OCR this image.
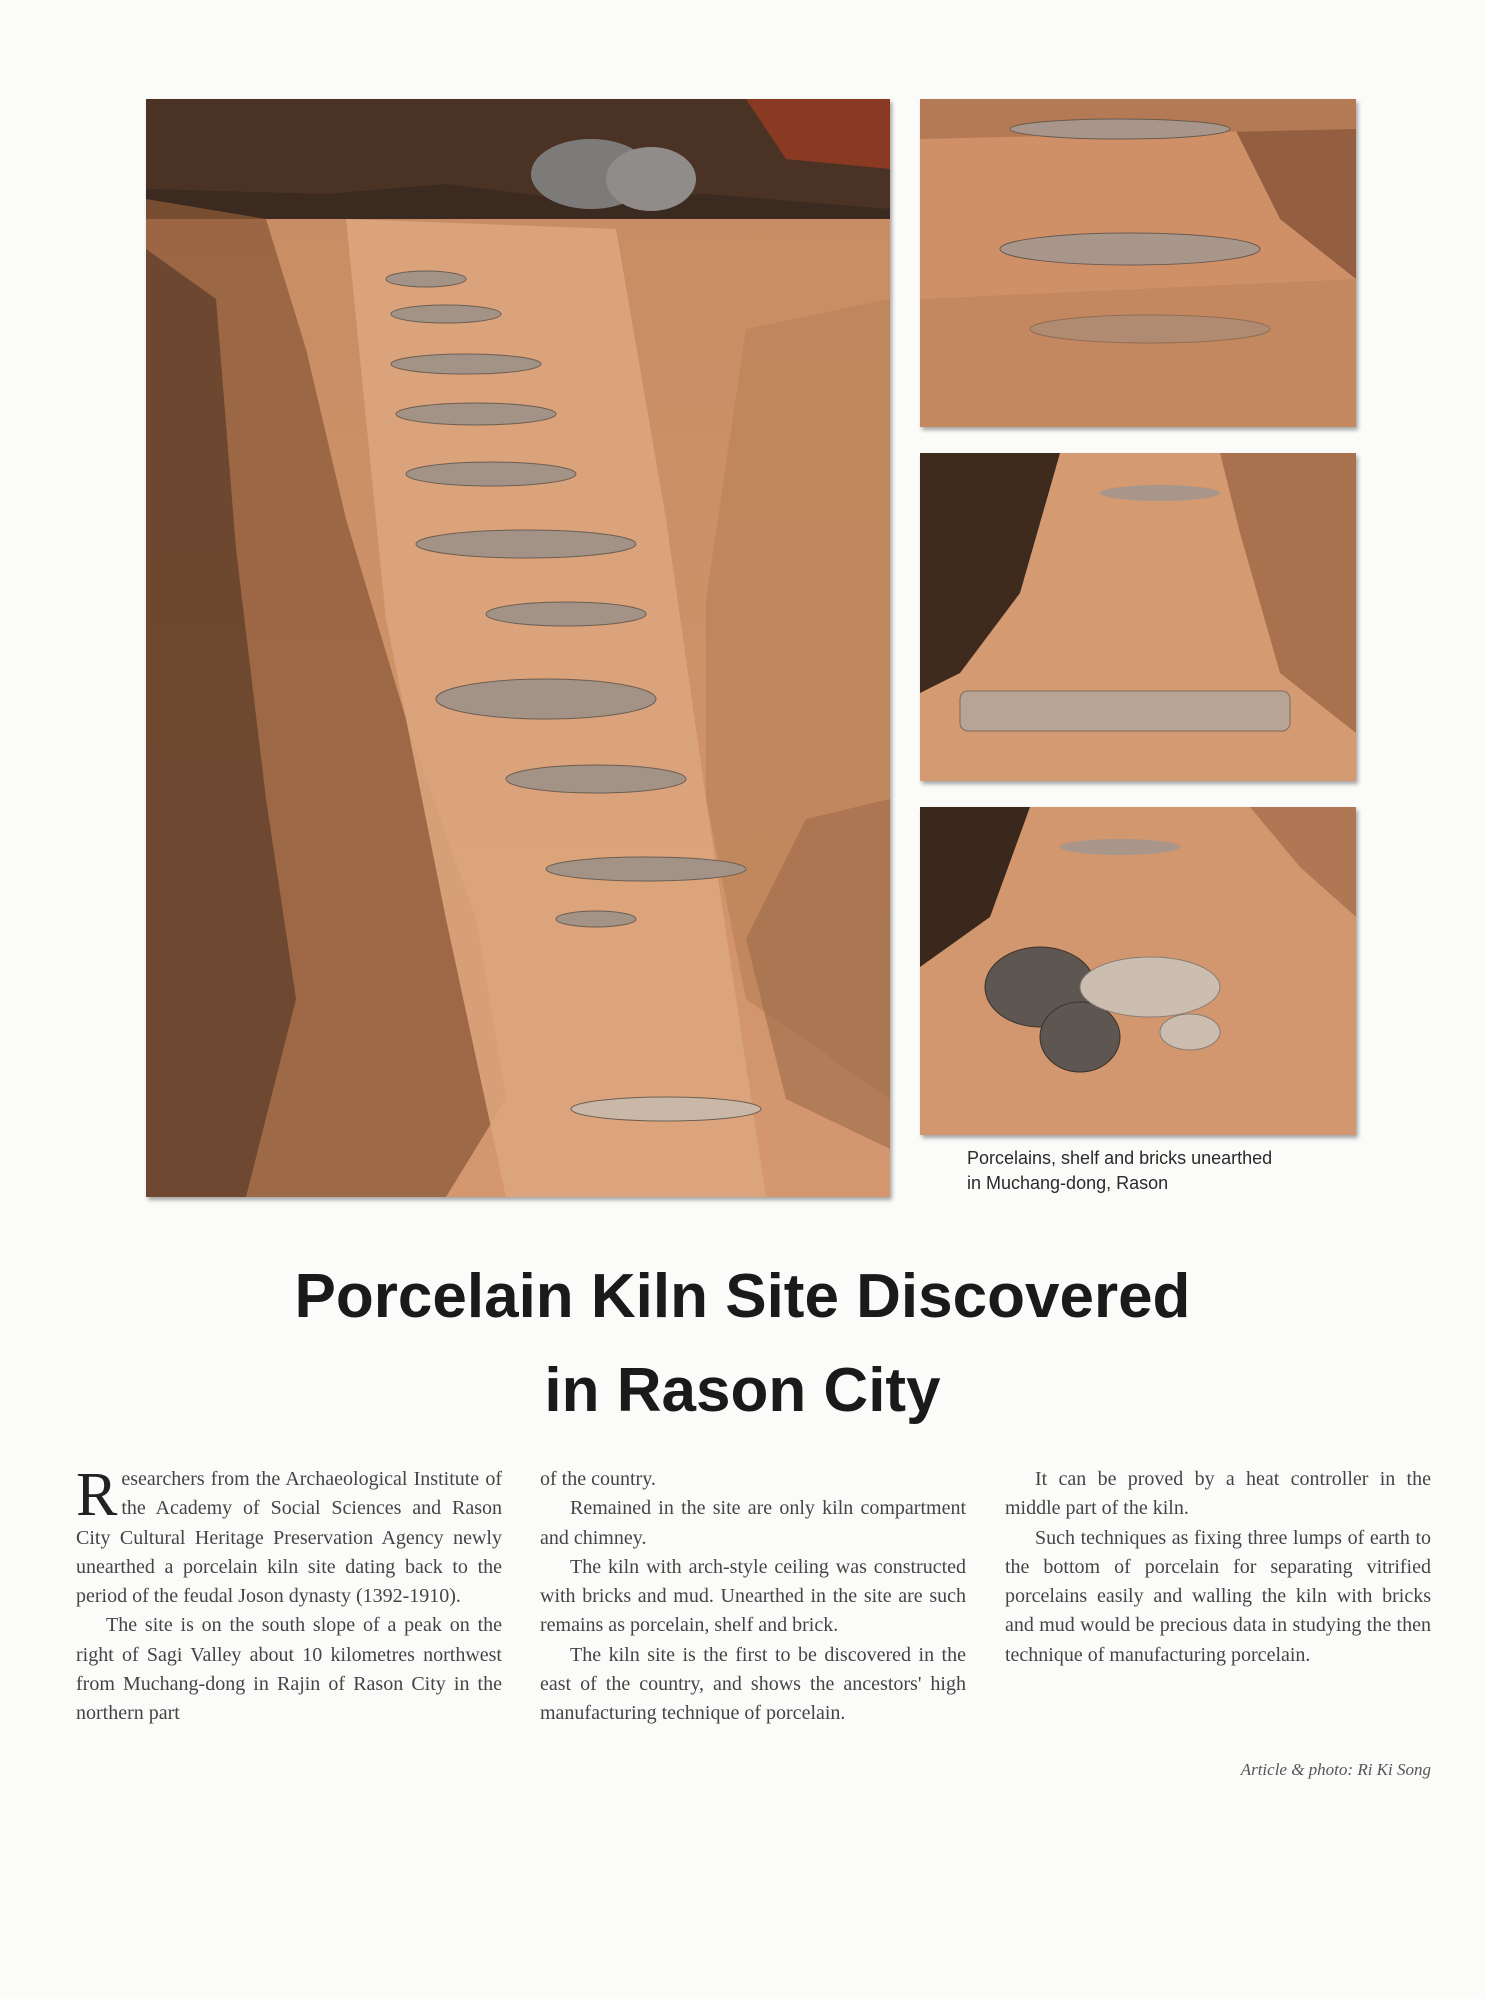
Porcelains, shelf and bricks unearthed
in Muchang-dong, Rason
Porcelain Kiln Site Discovered
in Rason City

Researchers from the Archaeological Institute of the Academy of Social Sciences and Rason City Cultural Heritage Preservation Agency newly unearthed a porcelain kiln site dating back to the period of the feudal Joson dynasty (1392-1910).

The site is on the south slope of a peak on the right of Sagi Valley about 10 kilometres northwest from Muchang-dong in Rajin of Rason City in the northern part

of the country.

Remained in the site are only kiln compartment and chimney.

The kiln with arch-style ceiling was constructed with bricks and mud. Unearthed in the site are such remains as porcelain, shelf and brick.

The kiln site is the first to be discovered in the east of the country, and shows the ancestors' high manufacturing technique of porcelain.

It can be proved by a heat controller in the middle part of the kiln.

Such techniques as fixing three lumps of earth to the bottom of porcelain for separating vitrified porcelains easily and walling the kiln with bricks and mud would be precious data in studying the then technique of manufacturing porcelain.

Article & photo: Ri Ki Song
